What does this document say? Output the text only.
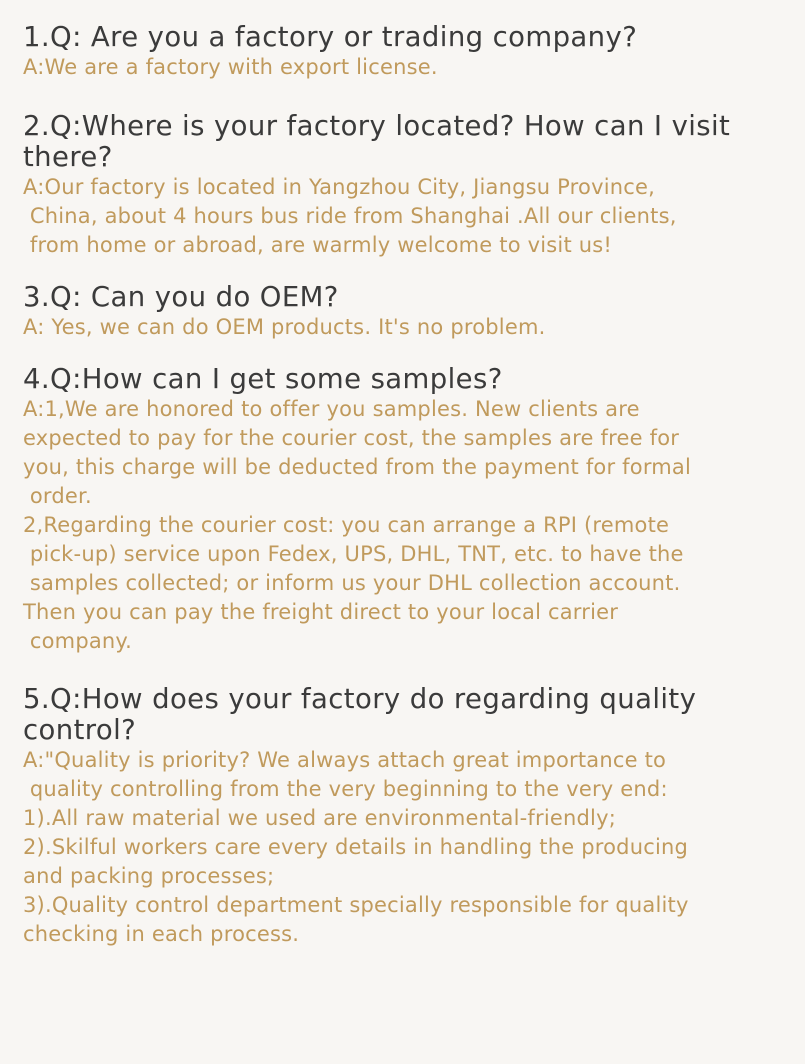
1.Q: Are you a factory or trading company?
A:We are a factory with export license.
2.Q:Where is your factory located? How can I visit
there?
A:Our factory is located in Yangzhou City, Jiangsu Province,
China, about 4 hours bus ride from Shanghai .All our clients,
from home or abroad, are warmly welcome to visit us!
3.Q: Can you do OEM?
A: Yes, we can do OEM products. It's no problem.
4.Q:How can I get some samples?
A:1,We are honored to offer you samples. New clients are
expected to pay for the courier cost, the samples are free for
you, this charge will be deducted from the payment for formal
order.
2,Regarding the courier cost: you can arrange a RPI (remote
pick-up) service upon Fedex, UPS, DHL, TNT, etc. to have the
samples collected; or inform us your DHL collection account.
Then you can pay the freight direct to your local carrier
company.
5.Q:How does your factory do regarding quality
control?
A:"Quality is priority? We always attach great importance to
quality controlling from the very beginning to the very end:
1).All raw material we used are environmental-friendly;
2).Skilful workers care every details in handling the producing
and packing processes;
3).Quality control department specially responsible for quality
checking in each process.
